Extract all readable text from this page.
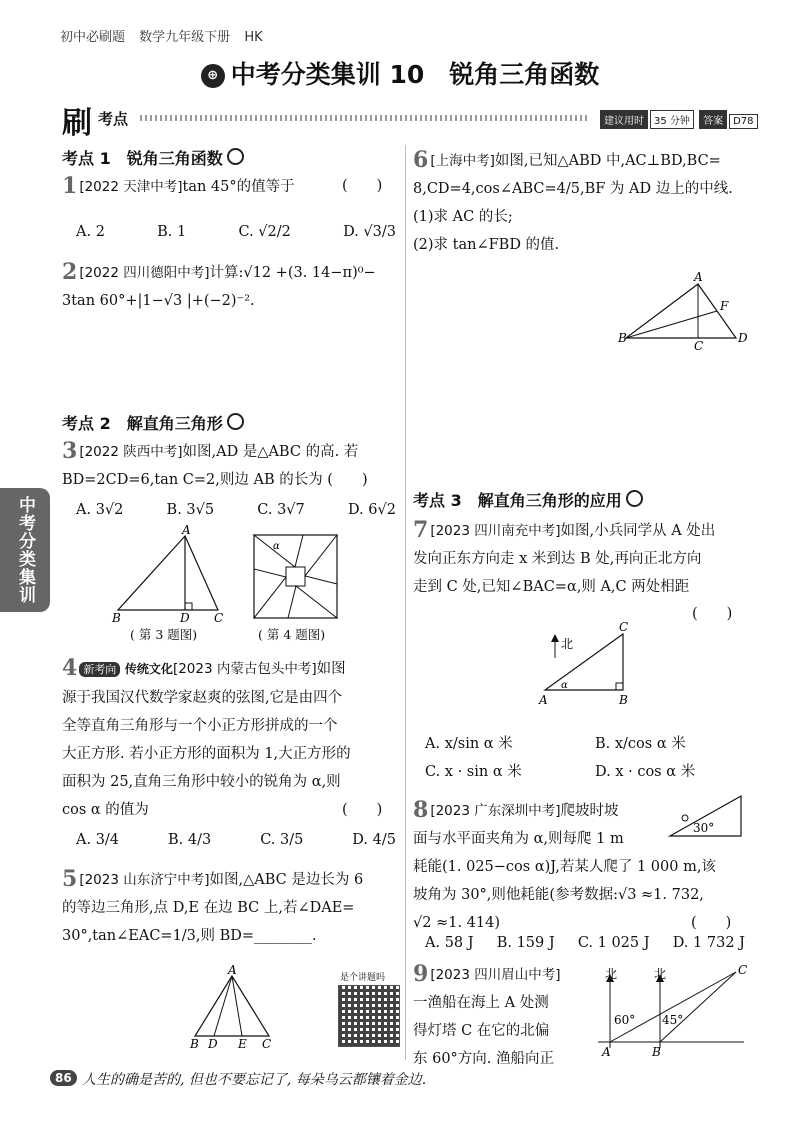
初中必刷题 数学九年级下册 HK
⊕ 中考分类集训 10　锐角三角函数
刷 考点	建议用时 35 分钟 答案 D78
中考分类集训
考点 1　锐角三角函数
1 [2022 天津中考]tan 45°的值等于	(　　)
A. 2	B. 1	C. √2/2	D. √3/3
2 [2022 四川德阳中考]计算:√12 +(3. 14−π)⁰−
3tan 60°+|1−√3 |+(−2)⁻².
考点 2　解直角三角形
3 [2022 陕西中考]如图,AD 是△ABC 的高. 若
BD=2CD=6,tan C=2,则边 AB 的长为 (　　)
A. 3√2	B. 3√5	C. 3√7	D. 6√2
A
B	D C
( 第 3 题图)
α
( 第 4 题图)
4 新考向 传统文化[2023 内蒙古包头中考]如图
源于我国汉代数学家赵爽的弦图,它是由四个
全等直角三角形与一个小正方形拼成的一个
大正方形. 若小正方形的面积为 1,大正方形的
面积为 25,直角三角形中较小的锐角为 α,则
cos α 的值为	(　　)
A. 3/4	B. 4/3	C. 3/5	D. 4/5
5 [2023 山东济宁中考]如图,△ABC 是边长为 6
的等边三角形,点 D,E 在边 BC 上,若∠DAE=
30°,tan∠EAC=1/3,则 BD=________.
A
B D E C
是个讲题吗
6 [上海中考]如图,已知△ABD 中,AC⊥BD,BC=
8,CD=4,cos∠ABC=4/5,BF 为 AD 边上的中线.
(1)求 AC 的长;
(2)求 tan∠FBD 的值.
A
B
C
D
F
考点 3　解直角三角形的应用
7 [2023 四川南充中考]如图,小兵同学从 A 处出
发向正东方向走 x 米到达 B 处,再向正北方向
走到 C 处,已知∠BAC=α,则 A,C 两处相距
(　　)
C
A	B
α
北
A. x/sin α 米	B. x/cos α 米
C. x · sin α 米	D. x · cos α 米
8 [2023 广东深圳中考]爬坡时坡
面与水平面夹角为 α,则每爬 1 m
耗能(1. 025−cos α)J,若某人爬了 1 000 m,该
坡角为 30°,则他耗能(参考数据:√3 ≈1. 732,
√2 ≈1. 414)	(　　)

30°
A. 58 J B. 159 J C. 1 025 J D. 1 732 J
9 [2023 四川眉山中考]
一渔船在海上 A 处测
得灯塔 C 在它的北偏
东 60°方向. 渔船向正	A	B
C
北	北
60° 45°
86 人生的确是苦的, 但也不要忘记了, 每朵乌云都镶着金边.
